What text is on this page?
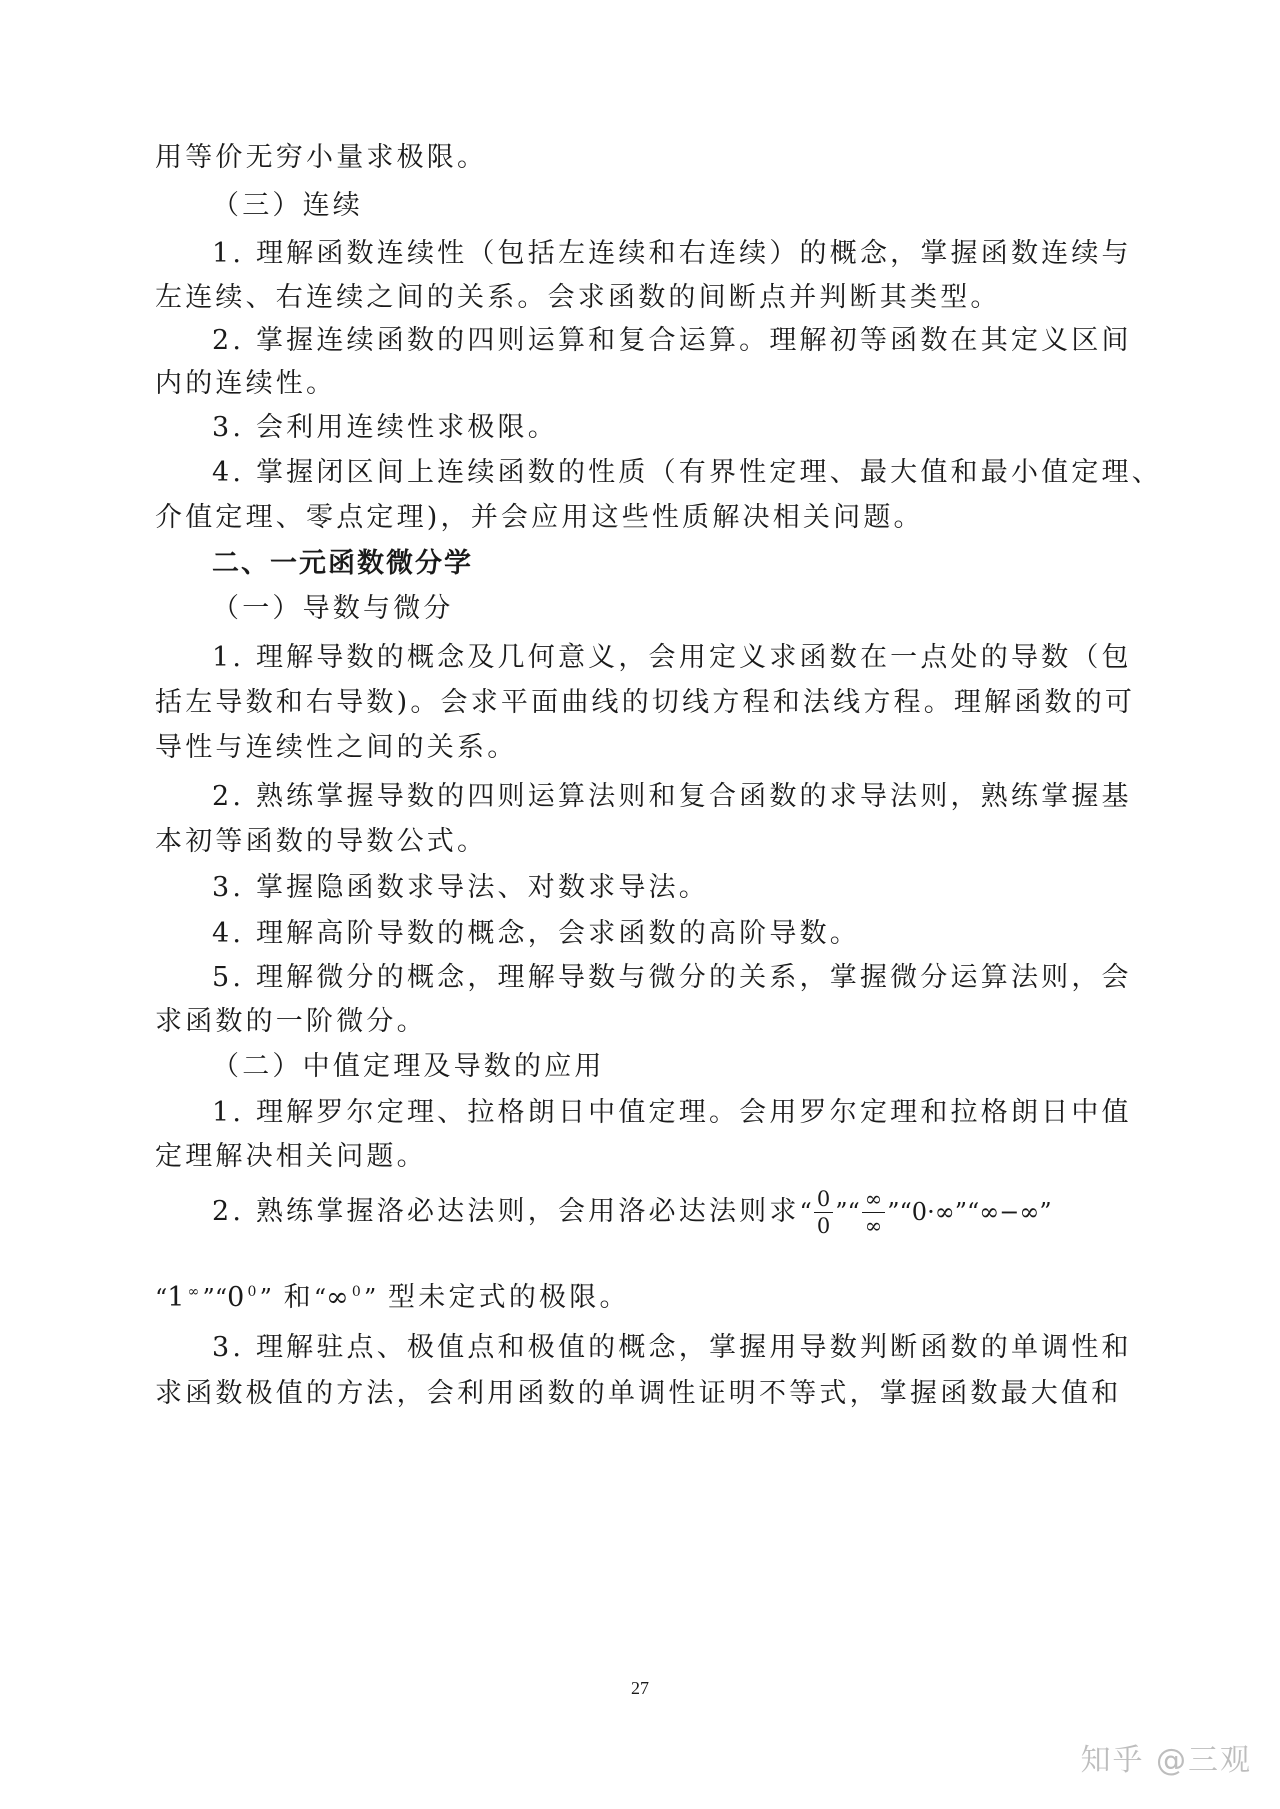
用等价无穷小量求极限。

（三）连续

1. 理解函数连续性（包括左连续和右连续）的概念，掌握函数连续与

左连续、右连续之间的关系。会求函数的间断点并判断其类型。

2. 掌握连续函数的四则运算和复合运算。理解初等函数在其定义区间

内的连续性。

3. 会利用连续性求极限。

4. 掌握闭区间上连续函数的性质（有界性定理、最大值和最小值定理、

介值定理、零点定理)，并会应用这些性质解决相关问题。

二、一元函数微分学

（一）导数与微分

1. 理解导数的概念及几何意义，会用定义求函数在一点处的导数（包

括左导数和右导数)。会求平面曲线的切线方程和法线方程。理解函数的可

导性与连续性之间的关系。

2. 熟练掌握导数的四则运算法则和复合函数的求导法则，熟练掌握基

本初等函数的导数公式。

3. 掌握隐函数求导法、对数求导法。

4. 理解高阶导数的概念，会求函数的高阶导数。

5. 理解微分的概念，理解导数与微分的关系，掌握微分运算法则，会

求函数的一阶微分。

（二）中值定理及导数的应用

1. 理解罗尔定理、拉格朗日中值定理。会用罗尔定理和拉格朗日中值

定理解决相关问题。

2. 熟练掌握洛必达法则，会用洛必达法则求“ $\frac{0}{0}$ ”“ $\frac{\infty}{\infty}$ ”“0·∞”“∞−∞”

“$1^\infty”“0^0$” 和“∞$^0$” 型未定式的极限。

3. 理解驻点、极值点和极值的概念，掌握用导数判断函数的单调性和

求函数极值的方法，会利用函数的单调性证明不等式，掌握函数最大值和

27

知乎 @三观
